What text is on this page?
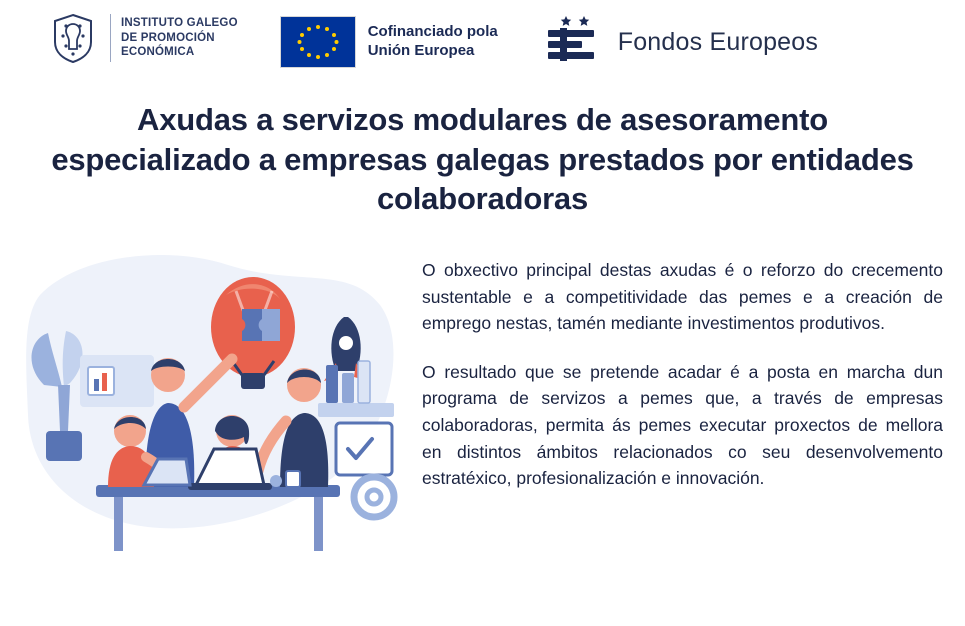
INSTITUTO GALEGO
DE PROMOCIÓN
ECONÓMICA
Cofinanciado pola
Unión Europea	Fondos Europeos
Axudas a servizos modulares de asesoramento especializado a empresas galegas prestados por entidades colaboradoras

O obxectivo principal destas axudas é o reforzo do crecemento sustentable e a competitividade das pemes e a creación de emprego nestas, tamén mediante investimentos produtivos.

O resultado que se pretende acadar é a posta en marcha dun programa de servizos a pemes que, a través de empresas colaboradoras, permita ás pemes executar proxectos de mellora en distintos ámbitos relacionados co seu desenvolvemento estratéxico, profesionalización e innovación.
